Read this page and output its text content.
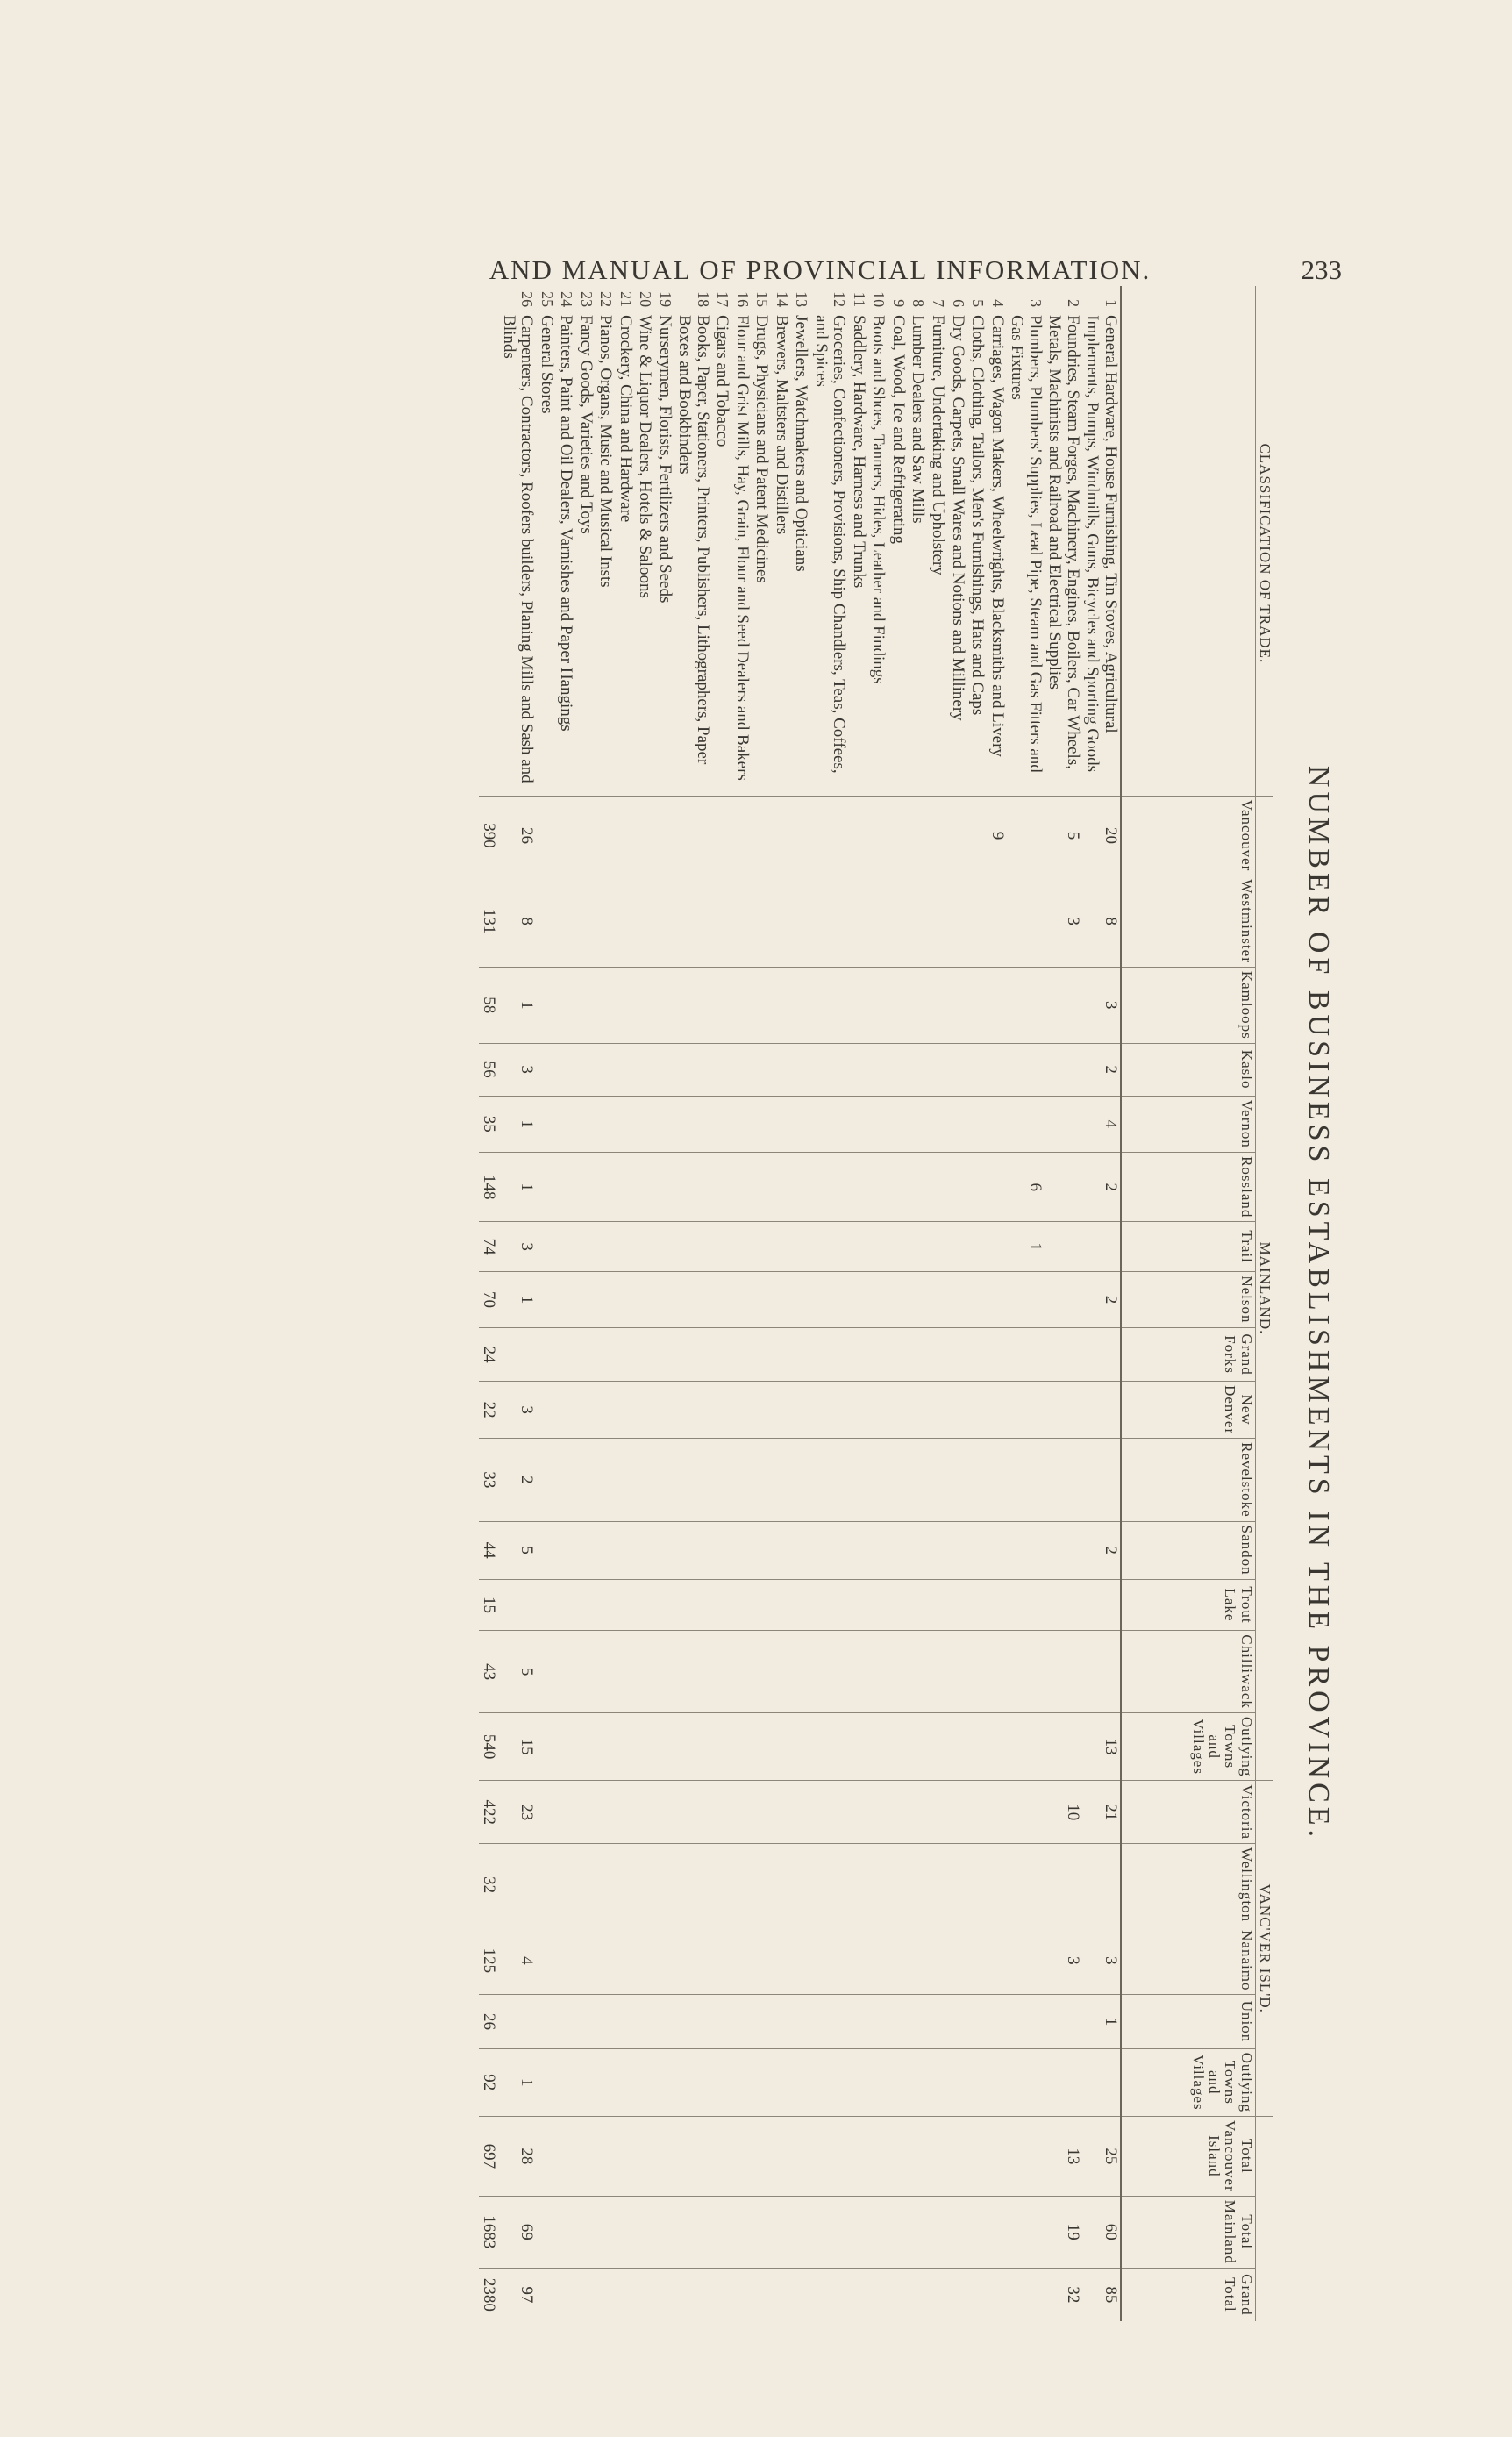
AND MANUAL OF PROVINCIAL INFORMATION.	233
NUMBER OF BUSINESS ESTABLISHMENTS IN THE PROVINCE.
	CLASSIFICATION OF TRADE.	MAINLAND.															VANC'VER ISL'D.							
		Vancouver	Westminster	Kamloops	Kaslo	Vernon	Rossland	Trail	Nelson	Grand Forks	New Denver	Revelstoke	Sandon	Trout Lake	Chilliwack	Outlying Towns and Villages	Victoria	Wellington	Nanaimo	Union	Outlying Towns and Villages	Total Vancouver Island	Total Mainland	Grand Total
1	General Hardware, House Furnishing, Tin Stoves, Agricultural Implements, Pumps, Windmills, Guns, Bicycles and Sporting Goods	20	8	3	2	4	2		2				2			13	21		3	1		25	60	85
2	Foundries, Steam Forges, Machinery, Engines, Boilers, Car Wheels, Metals, Machinists and Railroad and Electrical Supplies	5	3														10		3			13	19	32
3	Plumbers, Plumbers' Supplies, Lead Pipe, Steam and Gas Fitters and Gas Fixtures						6	1																
4	Carriages, Wagon Makers, Wheelwrights, Blacksmiths and Livery	9																						
5	Cloths, Clothing, Tailors, Men's Furnishings, Hats and Caps																							
6	Dry Goods, Carpets, Small Wares and Notions and Millinery																							
7	Furniture, Undertaking and Upholstery																							
8	Lumber Dealers and Saw Mills																							
9	Coal, Wood, Ice and Refrigerating																							
10	Boots and Shoes, Tanners, Hides, Leather and Findings																							
11	Saddlery, Hardware, Harness and Trunks																							
12	Groceries, Confectioners, Provisions, Ship Chandlers, Teas, Coffees, and Spices																							
13	Jewellers, Watchmakers and Opticians																							
14	Brewers, Maltsters and Distillers																							
15	Drugs, Physicians and Patent Medicines																							
16	Flour and Grist Mills, Hay, Grain, Flour and Seed Dealers and Bakers																							
17	Cigars and Tobacco																							
18	Books, Paper, Stationers, Printers, Publishers, Lithographers, Paper Boxes and Bookbinders																							
19	Nurserymen, Florists, Fertilizers and Seeds																							
20	Wine & Liquor Dealers, Hotels & Saloons																							
21	Crockery, China and Hardware																							
22	Pianos, Organs, Music and Musical Insts																							
23	Fancy Goods, Varieties and Toys																							
24	Painters, Paint and Oil Dealers, Varnishes and Paper Hangings																							
25	General Stores																							
26	Carpenters, Contractors, Roofers builders, Planing Mills and Sash and Blinds	26	8	1	3	1	1	3	1		3	2	5		5	15	23		4		1	28	69	97
		390	131	58	56	35	148	74	70	24	22	33	44	15	43	540	422	32	125	26	92	697	1683	2380
